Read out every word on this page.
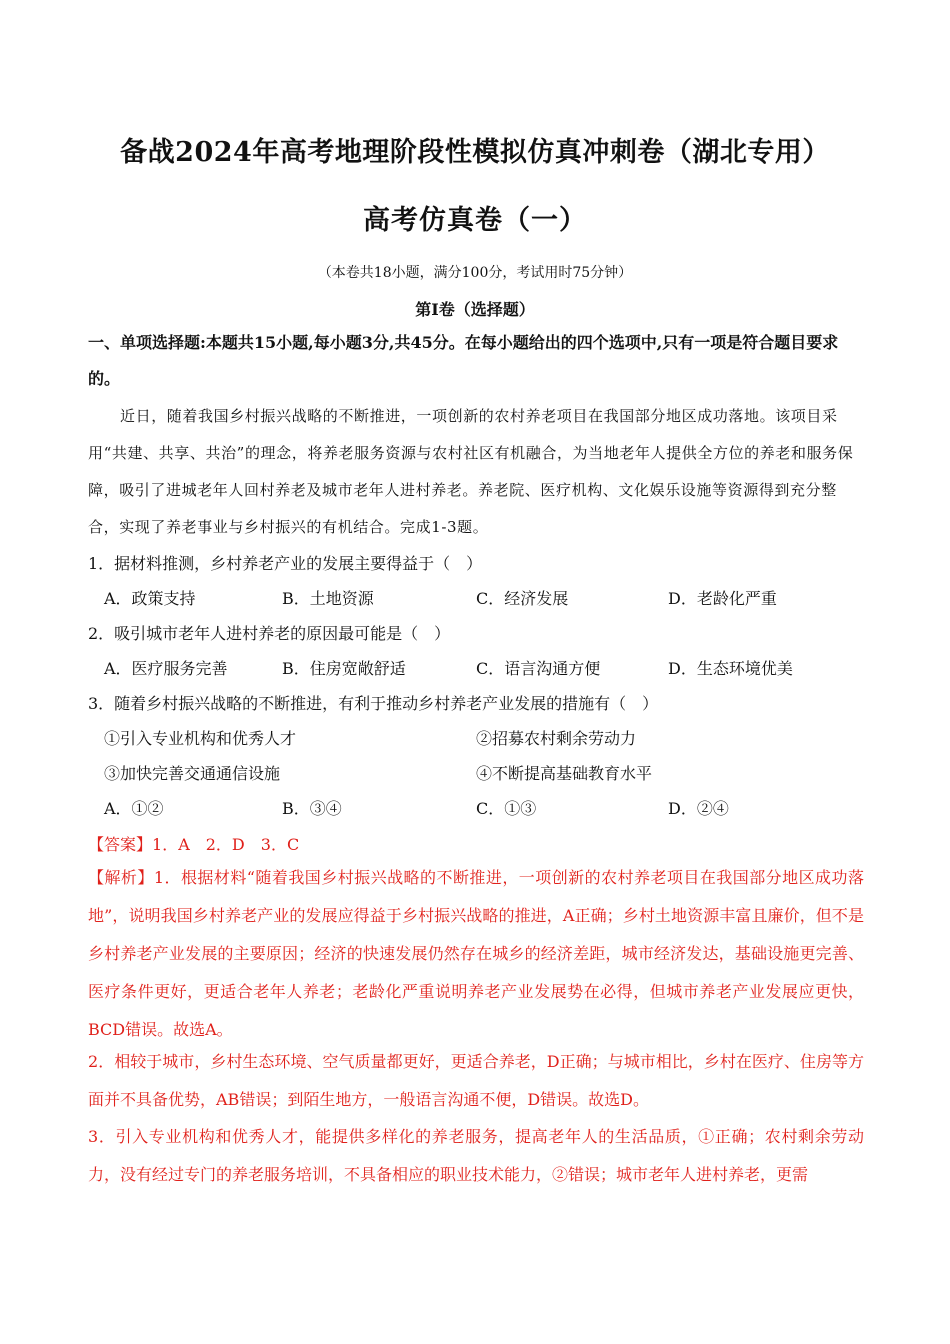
备战2024年高考地理阶段性模拟仿真冲刺卷（湖北专用）
高考仿真卷（一）
（本卷共18小题，满分100分，考试用时75分钟）
第I卷（选择题）
一、单项选择题:本题共15小题,每小题3分,共45分。在每小题给出的四个选项中,只有一项是符合题目要求的。
近日，随着我国乡村振兴战略的不断推进，一项创新的农村养老项目在我国部分地区成功落地。该项目采用“共建、共享、共治”的理念，将养老服务资源与农村社区有机融合，为当地老年人提供全方位的养老和服务保障，吸引了进城老年人回村养老及城市老年人进村养老。养老院、医疗机构、文化娱乐设施等资源得到充分整合，实现了养老事业与乡村振兴的有机结合。完成1-3题。
1．据材料推测，乡村养老产业的发展主要得益于（　）
A．政策支持	B．土地资源	C．经济发展	D．老龄化严重
2．吸引城市老年人进村养老的原因最可能是（　）
A．医疗服务完善	B．住房宽敞舒适	C．语言沟通方便	D．生态环境优美
3．随着乡村振兴战略的不断推进，有利于推动乡村养老产业发展的措施有（　）
①引入专业机构和优秀人才	②招募农村剩余劳动力
③加快完善交通通信设施	④不断提高基础教育水平
A．①②	B．③④	C．①③	D．②④
【答案】1．A　2．D　3．C
【解析】1．根据材料“随着我国乡村振兴战略的不断推进，一项创新的农村养老项目在我国部分地区成功落地”，说明我国乡村养老产业的发展应得益于乡村振兴战略的推进，A正确；乡村土地资源丰富且廉价，但不是乡村养老产业发展的主要原因；经济的快速发展仍然存在城乡的经济差距，城市经济发达，基础设施更完善、医疗条件更好，更适合老年人养老；老龄化严重说明养老产业发展势在必得，但城市养老产业发展应更快，BCD错误。故选A。
2．相较于城市，乡村生态环境、空气质量都更好，更适合养老，D正确；与城市相比，乡村在医疗、住房等方面并不具备优势，AB错误；到陌生地方，一般语言沟通不便，D错误。故选D。
3．引入专业机构和优秀人才，能提供多样化的养老服务，提高老年人的生活品质，①正确；农村剩余劳动力，没有经过专门的养老服务培训，不具备相应的职业技术能力，②错误；城市老年人进村养老，更需
